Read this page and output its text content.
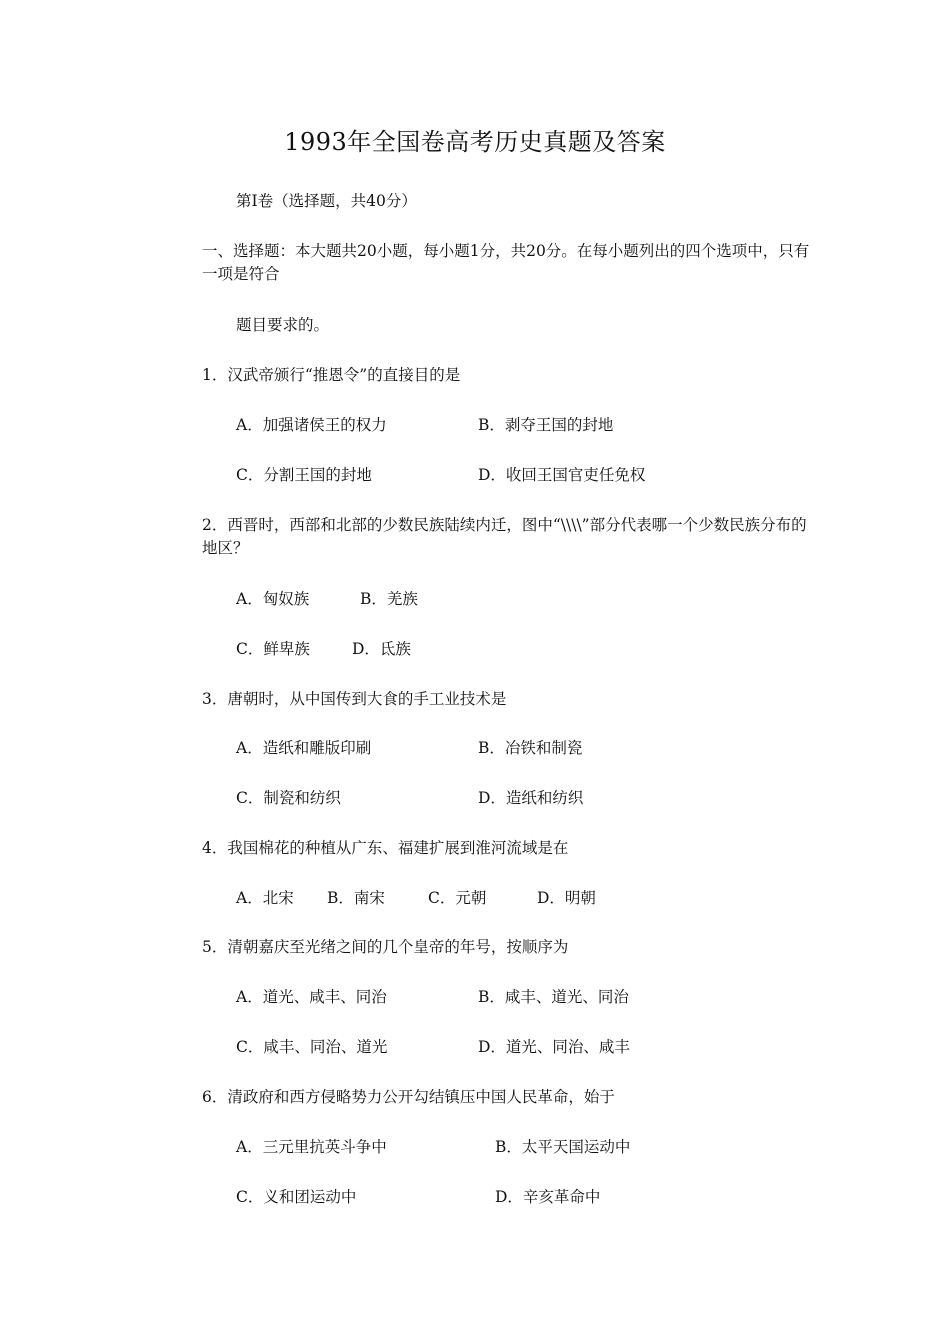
1993年全国卷高考历史真题及答案
第Ⅰ卷（选择题，共40分）
一、选择题：本大题共20小题，每小题1分，共20分。在每小题列出的四个选项中，只有一项是符合
题目要求的。
1．汉武帝颁行“推恩令”的直接目的是
A．加强诸侯王的权力	B．剥夺王国的封地
C．分割王国的封地	D．收回王国官吏任免权
2．西晋时，西部和北部的少数民族陆续内迁，图中“\\\\”部分代表哪一个少数民族分布的地区？
A．匈奴族	B．羌族
C．鲜卑族	D．氐族
3．唐朝时，从中国传到大食的手工业技术是
A．造纸和雕版印刷	B．冶铁和制瓷
C．制瓷和纺织	D．造纸和纺织
4．我国棉花的种植从广东、福建扩展到淮河流域是在
A．北宋 B．南宋	C．元朝	D．明朝
5．清朝嘉庆至光绪之间的几个皇帝的年号，按顺序为
A．道光、咸丰、同治	B．咸丰、道光、同治
C．咸丰、同治、道光	D．道光、同治、咸丰
6．清政府和西方侵略势力公开勾结镇压中国人民革命，始于
A．三元里抗英斗争中	B．太平天国运动中
C．义和团运动中	D．辛亥革命中
